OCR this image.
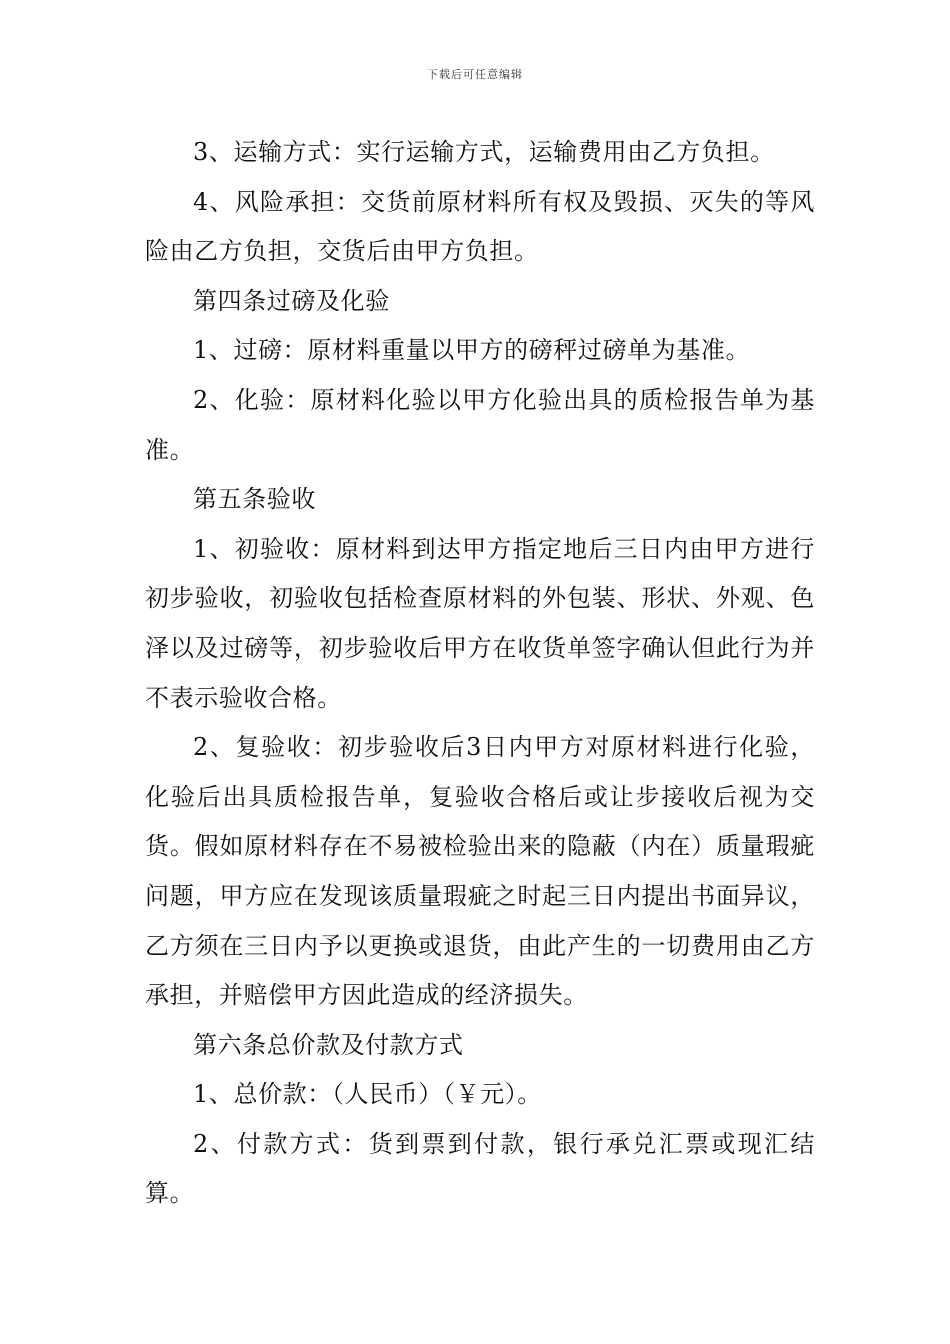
下载后可任意编辑

3、运输方式：实行运输方式，运输费用由乙方负担。

4、风险承担：交货前原材料所有权及毁损、灭失的等风险由乙方负担，交货后由甲方负担。

第四条过磅及化验

1、过磅：原材料重量以甲方的磅秤过磅单为基准。

2、化验：原材料化验以甲方化验出具的质检报告单为基准。

第五条验收

1、初验收：原材料到达甲方指定地后三日内由甲方进行初步验收，初验收包括检查原材料的外包装、形状、外观、色泽以及过磅等，初步验收后甲方在收货单签字确认但此行为并不表示验收合格。

2、复验收：初步验收后3日内甲方对原材料进行化验，化验后出具质检报告单，复验收合格后或让步接收后视为交货。假如原材料存在不易被检验出来的隐蔽（内在）质量瑕疵问题，甲方应在发现该质量瑕疵之时起三日内提出书面异议，乙方须在三日内予以更换或退货，由此产生的一切费用由乙方承担，并赔偿甲方因此造成的经济损失。

第六条总价款及付款方式

1、总价款：（人民币）（￥元）。

2、付款方式：货到票到付款，银行承兑汇票或现汇结算。
